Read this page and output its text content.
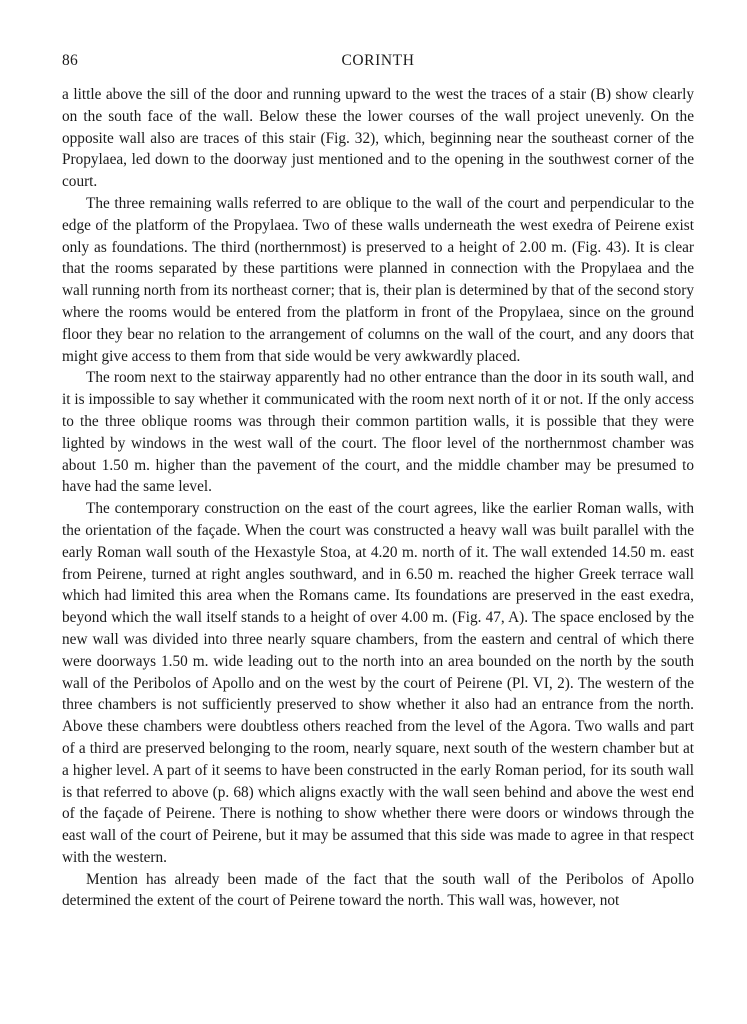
86	CORINTH

a little above the sill of the door and running upward to the west the traces of a stair (B) show clearly on the south face of the wall. Below these the lower courses of the wall project unevenly. On the opposite wall also are traces of this stair (Fig. 32), which, beginning near the southeast corner of the Propylaea, led down to the doorway just mentioned and to the opening in the southwest corner of the court.

The three remaining walls referred to are oblique to the wall of the court and perpendicular to the edge of the platform of the Propylaea. Two of these walls underneath the west exedra of Peirene exist only as foundations. The third (northernmost) is preserved to a height of 2.00 m. (Fig. 43). It is clear that the rooms separated by these partitions were planned in connection with the Propylaea and the wall running north from its northeast corner; that is, their plan is determined by that of the second story where the rooms would be entered from the platform in front of the Propylaea, since on the ground floor they bear no relation to the arrangement of columns on the wall of the court, and any doors that might give access to them from that side would be very awkwardly placed.

The room next to the stairway apparently had no other entrance than the door in its south wall, and it is impossible to say whether it communicated with the room next north of it or not. If the only access to the three oblique rooms was through their common partition walls, it is possible that they were lighted by windows in the west wall of the court. The floor level of the northernmost chamber was about 1.50 m. higher than the pavement of the court, and the middle chamber may be presumed to have had the same level.

The contemporary construction on the east of the court agrees, like the earlier Roman walls, with the orientation of the façade. When the court was constructed a heavy wall was built parallel with the early Roman wall south of the Hexastyle Stoa, at 4.20 m. north of it. The wall extended 14.50 m. east from Peirene, turned at right angles southward, and in 6.50 m. reached the higher Greek terrace wall which had limited this area when the Romans came. Its foundations are preserved in the east exedra, beyond which the wall itself stands to a height of over 4.00 m. (Fig. 47, A). The space enclosed by the new wall was divided into three nearly square chambers, from the eastern and central of which there were doorways 1.50 m. wide leading out to the north into an area bounded on the north by the south wall of the Peribolos of Apollo and on the west by the court of Peirene (Pl. VI, 2). The western of the three chambers is not sufficiently preserved to show whether it also had an entrance from the north. Above these chambers were doubtless others reached from the level of the Agora. Two walls and part of a third are preserved belonging to the room, nearly square, next south of the western chamber but at a higher level. A part of it seems to have been constructed in the early Roman period, for its south wall is that referred to above (p. 68) which aligns exactly with the wall seen behind and above the west end of the façade of Peirene. There is nothing to show whether there were doors or windows through the east wall of the court of Peirene, but it may be assumed that this side was made to agree in that respect with the western.

Mention has already been made of the fact that the south wall of the Peribolos of Apollo determined the extent of the court of Peirene toward the north. This wall was, however, not
